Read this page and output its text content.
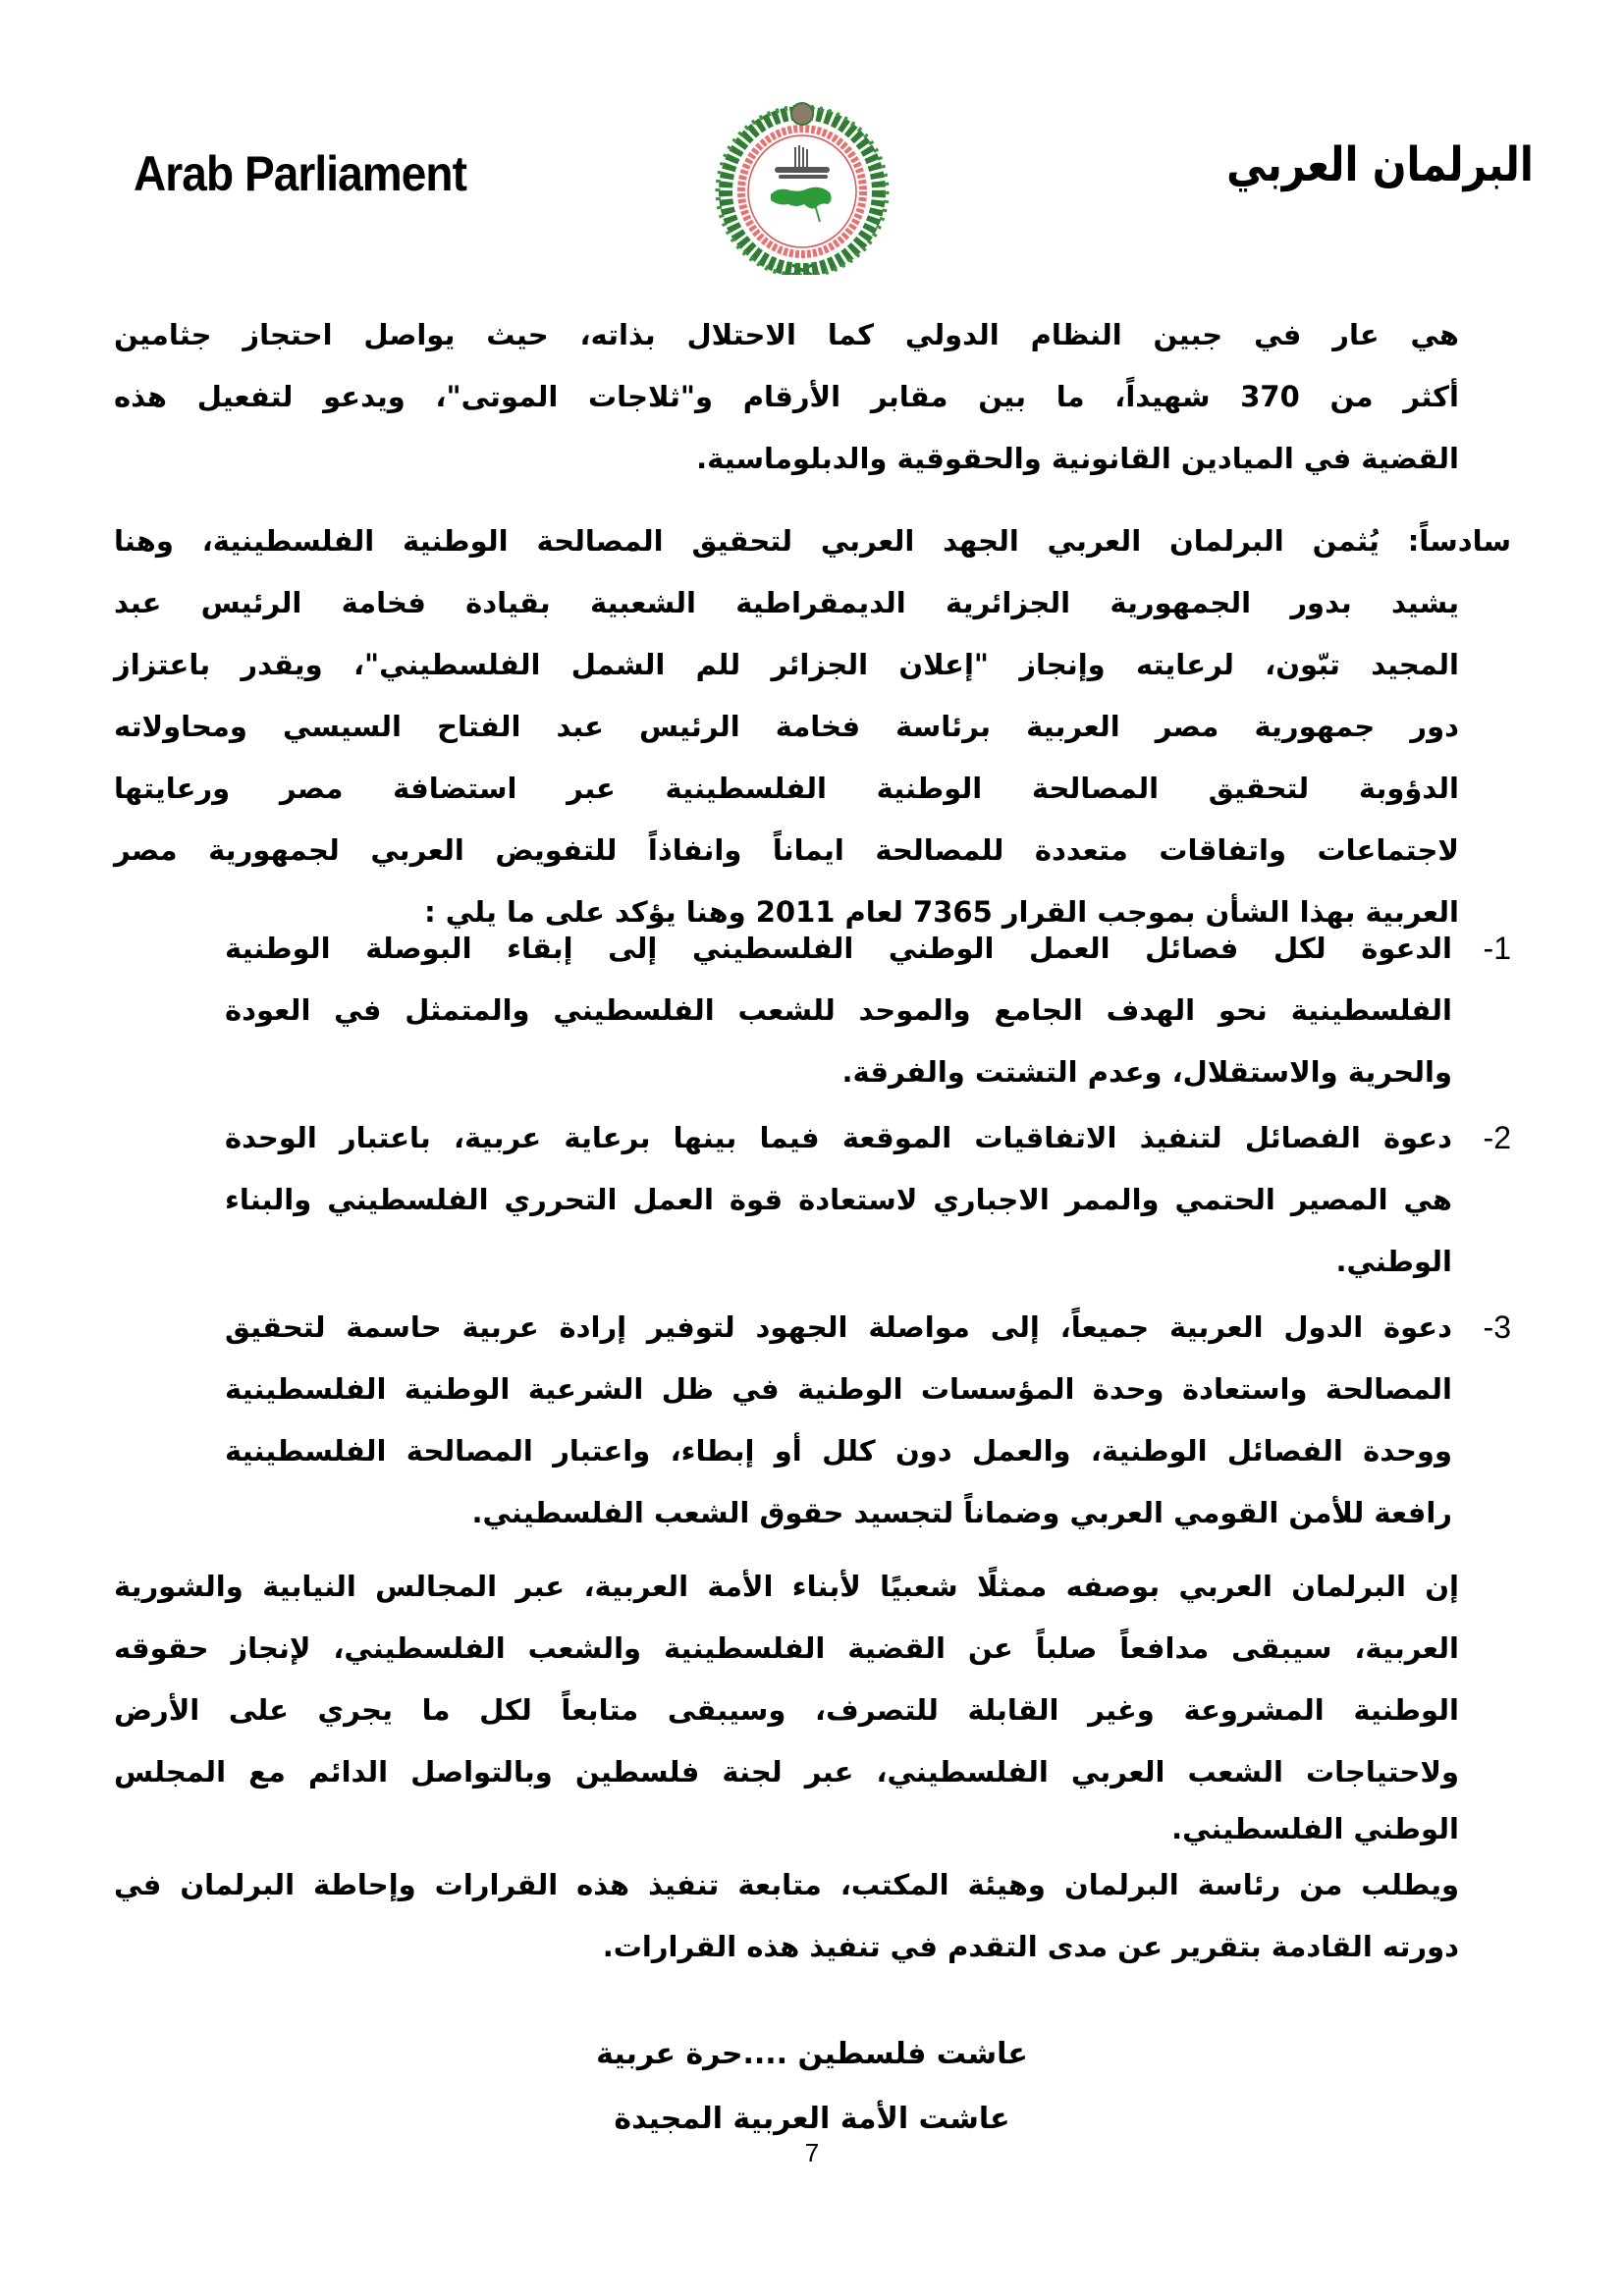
Arab Parliament	البرلمان العربي
هي عار في جبين النظام الدولي كما الاحتلال بذاته، حيث يواصل احتجاز جثامين
أكثر من 370 شهيداً، ما بين مقابر الأرقام و"ثلاجات الموتى"، ويدعو لتفعيل هذه
القضية في الميادين القانونية والحقوقية والدبلوماسية.
سادساً: يُثمن البرلمان العربي الجهد العربي لتحقيق المصالحة الوطنية الفلسطينية، وهنا
يشيد بدور الجمهورية الجزائرية الديمقراطية الشعبية بقيادة فخامة الرئيس عبد
المجيد تبّون، لرعايته وإنجاز "إعلان الجزائر للم الشمل الفلسطيني"، ويقدر باعتزاز
دور جمهورية مصر العربية برئاسة فخامة الرئيس عبد الفتاح السيسي ومحاولاته
الدؤوبة لتحقيق المصالحة الوطنية الفلسطينية عبر استضافة مصر ورعايتها
لاجتماعات واتفاقات متعددة للمصالحة ايماناً وانفاذاً للتفويض العربي لجمهورية مصر
العربية بهذا الشأن بموجب القرار 7365 لعام 2011 وهنا يؤكد على ما يلي :
-1
الدعوة لكل فصائل العمل الوطني الفلسطيني إلى إبقاء البوصلة الوطنية
الفلسطينية نحو الهدف الجامع والموحد للشعب الفلسطيني والمتمثل في العودة
والحرية والاستقلال، وعدم التشتت والفرقة.
-2
دعوة الفصائل لتنفيذ الاتفاقيات الموقعة فيما بينها برعاية عربية، باعتبار الوحدة
هي المصير الحتمي والممر الاجباري لاستعادة قوة العمل التحرري الفلسطيني والبناء
الوطني.
-3
دعوة الدول العربية جميعاً، إلى مواصلة الجهود لتوفير إرادة عربية حاسمة لتحقيق
المصالحة واستعادة وحدة المؤسسات الوطنية في ظل الشرعية الوطنية الفلسطينية
ووحدة الفصائل الوطنية، والعمل دون كلل أو إبطاء، واعتبار المصالحة الفلسطينية
رافعة للأمن القومي العربي وضماناً لتجسيد حقوق الشعب الفلسطيني.
إن البرلمان العربي بوصفه ممثلًا شعبيًا لأبناء الأمة العربية، عبر المجالس النيابية والشورية
العربية، سيبقى مدافعاً صلباً عن القضية الفلسطينية والشعب الفلسطيني، لإنجاز حقوقه
الوطنية المشروعة وغير القابلة للتصرف، وسيبقى متابعاً لكل ما يجري على الأرض
ولاحتياجات الشعب العربي الفلسطيني، عبر لجنة فلسطين وبالتواصل الدائم مع المجلس
الوطني الفلسطيني.
ويطلب من رئاسة البرلمان وهيئة المكتب، متابعة تنفيذ هذه القرارات وإحاطة البرلمان في
دورته القادمة بتقرير عن مدى التقدم في تنفيذ هذه القرارات.
عاشت فلسطين ....حرة عربية
عاشت الأمة العربية المجيدة
7
